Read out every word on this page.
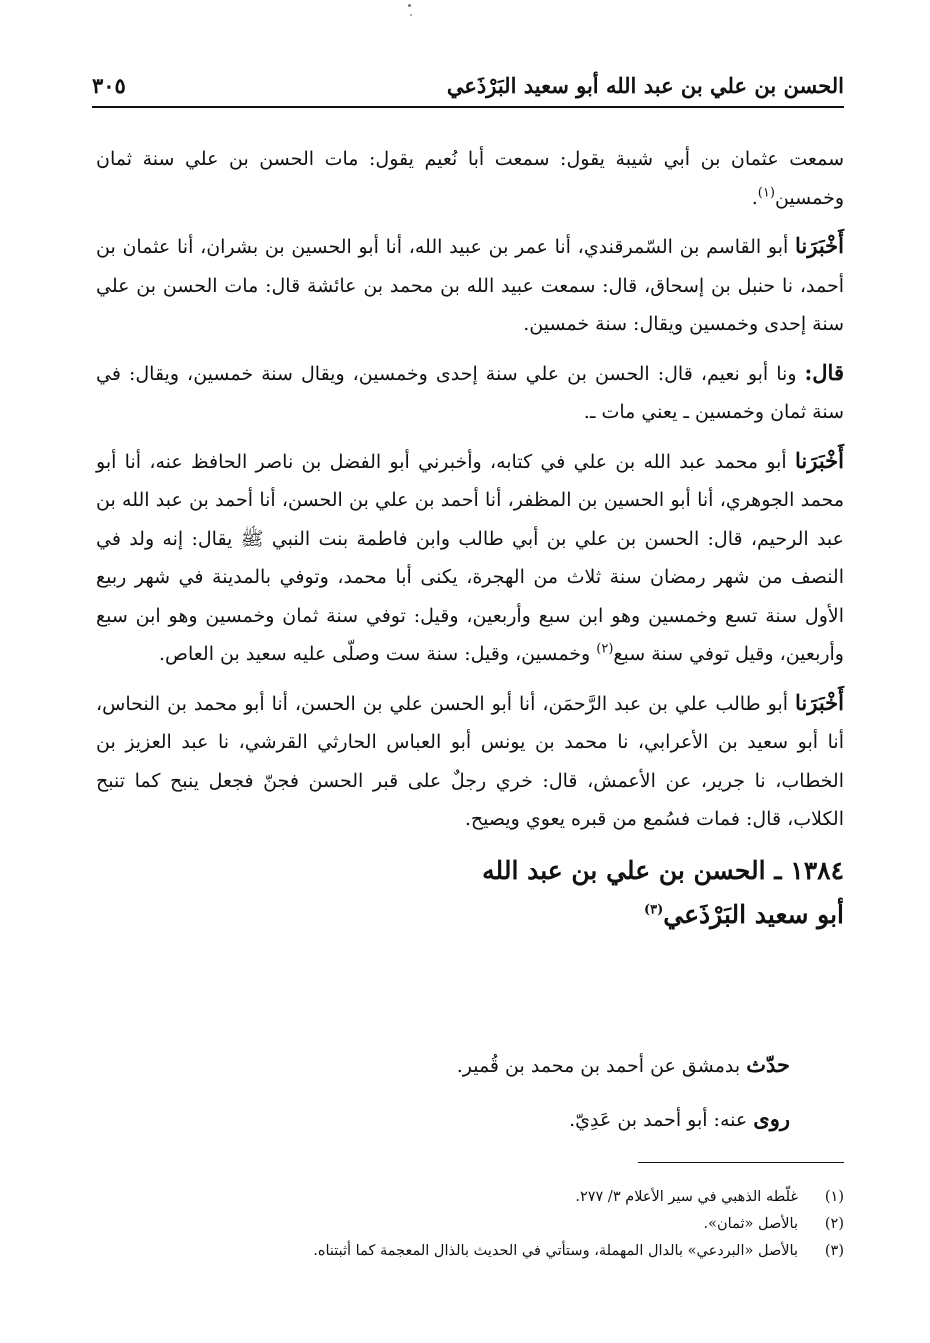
الحسن بن علي بن عبد الله أبو سعيد البَرْذَعي
٣٠٥

سمعت عثمان بن أبي شيبة يقول: سمعت أبا نُعيم يقول: مات الحسن بن علي سنة ثمان وخمسين$^{(١)}$.

أَخْبَرَنا أبو القاسم بن السّمرقندي، أنا عمر بن عبيد الله، أنا أبو الحسين بن بشران، أنا عثمان بن أحمد، نا حنبل بن إسحاق، قال: سمعت عبيد الله بن محمد بن عائشة قال: مات الحسن بن علي سنة إحدى وخمسين ويقال: سنة خمسين.

قال: ونا أبو نعيم، قال: الحسن بن علي سنة إحدى وخمسين، ويقال سنة خمسين، ويقال: في سنة ثمان وخمسين ـ يعني مات ـ.

أَخْبَرَنا أبو محمد عبد الله بن علي في كتابه، وأخبرني أبو الفضل بن ناصر الحافظ عنه، أنا أبو محمد الجوهري، أنا أبو الحسين بن المظفر، أنا أحمد بن علي بن الحسن، أنا أحمد بن عبد الله بن عبد الرحيم، قال: الحسن بن علي بن أبي طالب وابن فاطمة بنت النبي ﷺ يقال: إنه ولد في النصف من شهر رمضان سنة ثلاث من الهجرة، يكنى أبا محمد، وتوفي بالمدينة في شهر ربيع الأول سنة تسع وخمسين وهو ابن سبع وأربعين، وقيل: توفي سنة ثمان وخمسين وهو ابن سبع وأربعين، وقيل توفي سنة سبع$^{(٢)}$ وخمسين، وقيل: سنة ست وصلّى عليه سعيد بن العاص.

أَخْبَرَنا أبو طالب علي بن عبد الرَّحمَن، أنا أبو الحسن علي بن الحسن، أنا أبو محمد بن النحاس، أنا أبو سعيد بن الأعرابي، نا محمد بن يونس أبو العباس الحارثي القرشي، نا عبد العزيز بن الخطاب، نا جرير، عن الأعمش، قال: خري رجلٌ على قبر الحسن فجنّ فجعل ينبح كما تنبح الكلاب، قال: فمات فسُمع من قبره يعوي ويصيح.

١٣٨٤ ـ الحسن بن علي بن عبد الله
أبو سعيد البَرْذَعي$^{(٣)}$
حدّث بدمشق عن أحمد بن محمد بن قُمير.
روى عنه: أبو أحمد بن عَدِيّ.
(١)
غلّطه الذهبي في سير الأعلام ٣/ ٢٧٧.
(٢)
بالأصل «ثمان».
(٣)
بالأصل «البردعي» بالدال المهملة، وستأتي في الحديث بالذال المعجمة كما أثبتناه.
